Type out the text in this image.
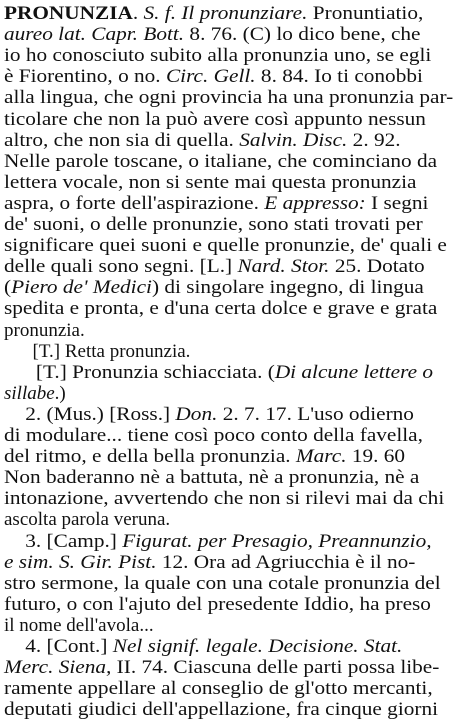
PRONUNZIA. S. f. Il pronunziare. Pronuntiatio,
aureo lat. Capr. Bott. 8. 76. (C) lo dico bene, che
io ho conosciuto subito alla pronunzia uno, se egli
è Fiorentino, o no. Circ. Gell. 8. 84. Io ti conobbi
alla lingua, che ogni provincia ha una pronunzia par-
ticolare che non la può avere così appunto nessun
altro, che non sia di quella. Salvin. Disc. 2. 92.
Nelle parole toscane, o italiane, che cominciano da
lettera vocale, non si sente mai questa pronunzia
aspra, o forte dell'aspirazione. E appresso: I segni
de' suoni, o delle pronunzie, sono stati trovati per
significare quei suoni e quelle pronunzie, de' quali e
delle quali sono segni. [L.] Nard. Stor. 25. Dotato
(Piero de' Medici) di singolare ingegno, di lingua
spedita e pronta, e d'una certa dolce e grave e grata
pronunzia.
[T.] Retta pronunzia.
[T.] Pronunzia schiacciata. (Di alcune lettere o
sillabe.)
2. (Mus.) [Ross.] Don. 2. 7. 17. L'uso odierno
di modulare... tiene così poco conto della favella,
del ritmo, e della bella pronunzia. Marc. 19. 60
Non baderanno nè a battuta, nè a pronunzia, nè a
intonazione, avvertendo che non si rilevi mai da chi
ascolta parola veruna.
3. [Camp.] Figurat. per Presagio, Preannunzio,
e sim. S. Gir. Pist. 12. Ora ad Agriucchia è il no-
stro sermone, la quale con una cotale pronunzia del
futuro, o con l'ajuto del presedente Iddio, ha preso
il nome dell'avola...
4. [Cont.] Nel signif. legale. Decisione. Stat.
Merc. Siena, II. 74. Ciascuna delle parti possa libe-
ramente appellare al conseglio de gl'otto mercanti,
deputati giudici dell'appellazione, fra cinque giorni
